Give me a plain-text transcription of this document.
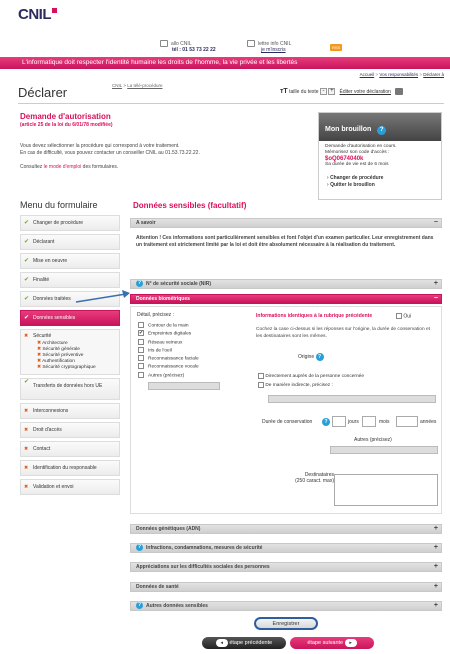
CNIL
allo CNIL
tél : 01 53 73 22 22
lettre info CNIL
je m'inscris	RSS
L'informatique doit respecter l'identité humaine les droits de l'homme, la vie privée et les libertés
Accueil > Vos responsabilités > Déclarer à
Déclarer	CNIL > La télé-procédure
тT taille du texte - + Éditer votre déclaration
Demande d'autorisation
(article 25 de la loi du 6/01/78 modifiée)
Vous devez sélectionner la procédure qui correspond à votre traitement.
En cas de difficulté, vous pouvez contacter un conseiller CNIL au 01.53.73.22.22.
Consultez le mode d'emploi des formulaires.
Mon brouillon ?
Demande d'autorisation en cours.
Mémorisez son code d'accès :
$oQ0674040k
Sa durée de vie est de 6 mois
› Changer de procédure
› Quitter le brouillon
Menu du formulaire
✔ Changer de procédure
✔ Déclarant
✔ Mise en oeuvre
✔ Finalité
✔ Données traitées
✔ Données sensibles
✖ Sécurité
✖ Architecture
✖ Sécurité générale
✖ Sécurité préventive
✖ Authentification
✖ Sécurité cryptographique
✔ Transferts de données hors UE
✖ Interconnexions
✖ Droit d'accès
✖ Contact
✖ Identification du responsable
✖ Validation et envoi
Données sensibles (facultatif)
A savoir	−
Attention ! Ces informations sont particulièrement sensibles et font l'objet d'un examen particulier. Leur enregistrement dans un traitement est strictement limité par la loi et doit être absolument nécessaire à la réalisation du traitement.
? N° de sécurité sociale (NIR)	+
Données biométriques	−
Détail, précisez :
Contour de la main
✔Empreintes digitales
Réseau veineux
Iris de l'oeil
Reconnaissance faciale
Reconnaissance vocale
Autres (précisez)
Informations identiques à la rubrique précédente	Oui
Cochez la case ci-dessus si les réponses sur l'origine, la durée de conservation et les destinataires sont les mêmes.
Origine ?
Directement auprès de la personne concernée
De manière indirecte, précisez :
Durée de conservation	?	jours	mois	années
Autres (précisez)
Destinataires
(250 caract. max)
Données génétiques (ADN)	+
? Infractions, condamnations, mesures de sécurité	+
Appréciations sur les difficultés sociales des personnes	+
Données de santé	+
? Autres données sensibles	+
Enregistrer
◂ étape précédente	étape suivante ▸
